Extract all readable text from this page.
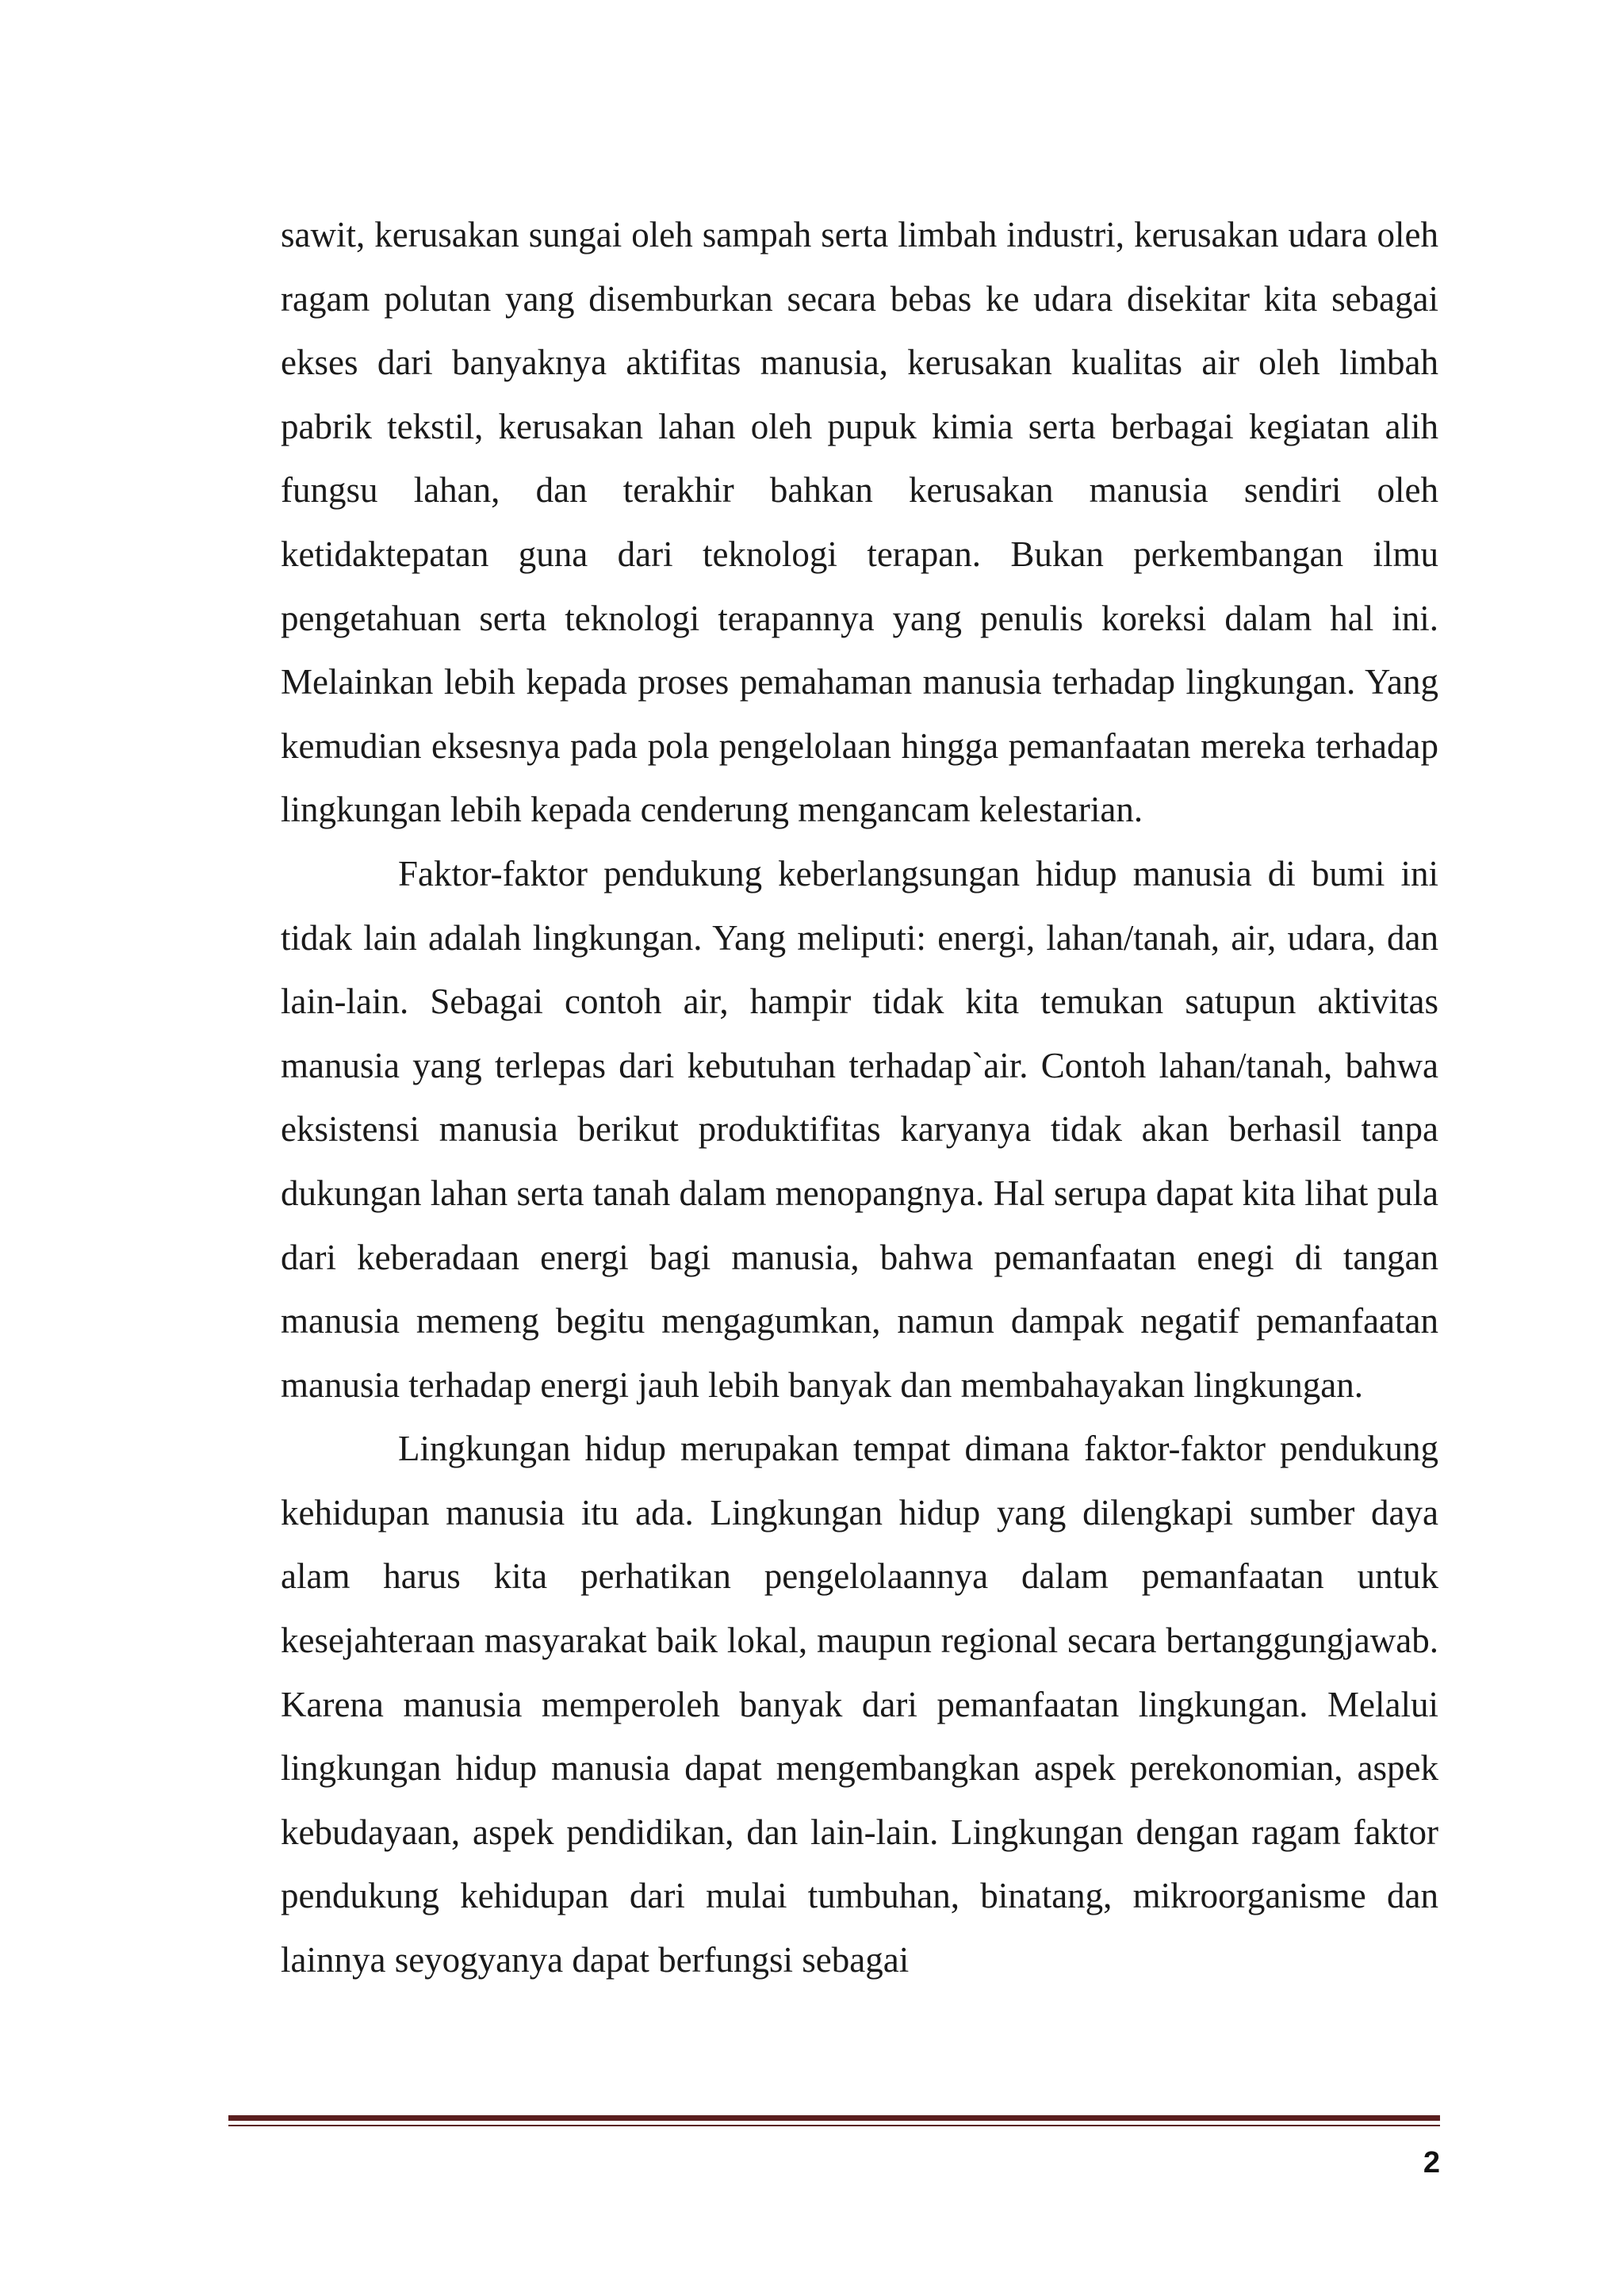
sawit, kerusakan sungai oleh sampah serta limbah industri, kerusakan udara oleh ragam polutan yang disemburkan secara bebas ke udara disekitar kita sebagai ekses dari banyaknya aktifitas manusia, kerusakan kualitas air oleh limbah pabrik tekstil, kerusakan lahan oleh pupuk kimia serta berbagai kegiatan alih fungsu lahan, dan terakhir bahkan kerusakan manusia sendiri oleh ketidaktepatan guna dari teknologi terapan. Bukan perkembangan ilmu pengetahuan serta teknologi terapannya yang penulis koreksi dalam hal ini. Melainkan lebih kepada proses pemahaman manusia terhadap lingkungan. Yang kemudian eksesnya pada pola pengelolaan hingga pemanfaatan mereka terhadap lingkungan lebih kepada cenderung mengancam kelestarian.

Faktor-faktor pendukung keberlangsungan hidup manusia di bumi ini tidak lain adalah lingkungan. Yang meliputi: energi, lahan/tanah, air, udara, dan lain-lain. Sebagai contoh air, hampir tidak kita temukan satupun aktivitas manusia yang terlepas dari kebutuhan terhadap`air. Contoh lahan/tanah, bahwa eksistensi manusia berikut produktifitas karyanya tidak akan berhasil tanpa dukungan lahan serta tanah dalam menopangnya. Hal serupa dapat kita lihat pula dari keberadaan energi bagi manusia, bahwa pemanfaatan enegi di tangan manusia memeng begitu mengagumkan, namun dampak negatif pemanfaatan manusia terhadap energi jauh lebih banyak dan membahayakan lingkungan.

Lingkungan hidup merupakan tempat dimana faktor-faktor pendukung kehidupan manusia itu ada. Lingkungan hidup yang dilengkapi sumber daya alam harus kita perhatikan pengelolaannya dalam pemanfaatan untuk kesejahteraan masyarakat baik lokal, maupun regional secara bertanggungjawab. Karena manusia memperoleh banyak dari pemanfaatan lingkungan. Melalui lingkungan hidup manusia dapat mengembangkan aspek perekonomian, aspek kebudayaan, aspek pendidikan, dan lain-lain. Lingkungan dengan ragam faktor pendukung kehidupan dari mulai tumbuhan, binatang, mikroorganisme dan lainnya seyogyanya dapat berfungsi sebagai

2
